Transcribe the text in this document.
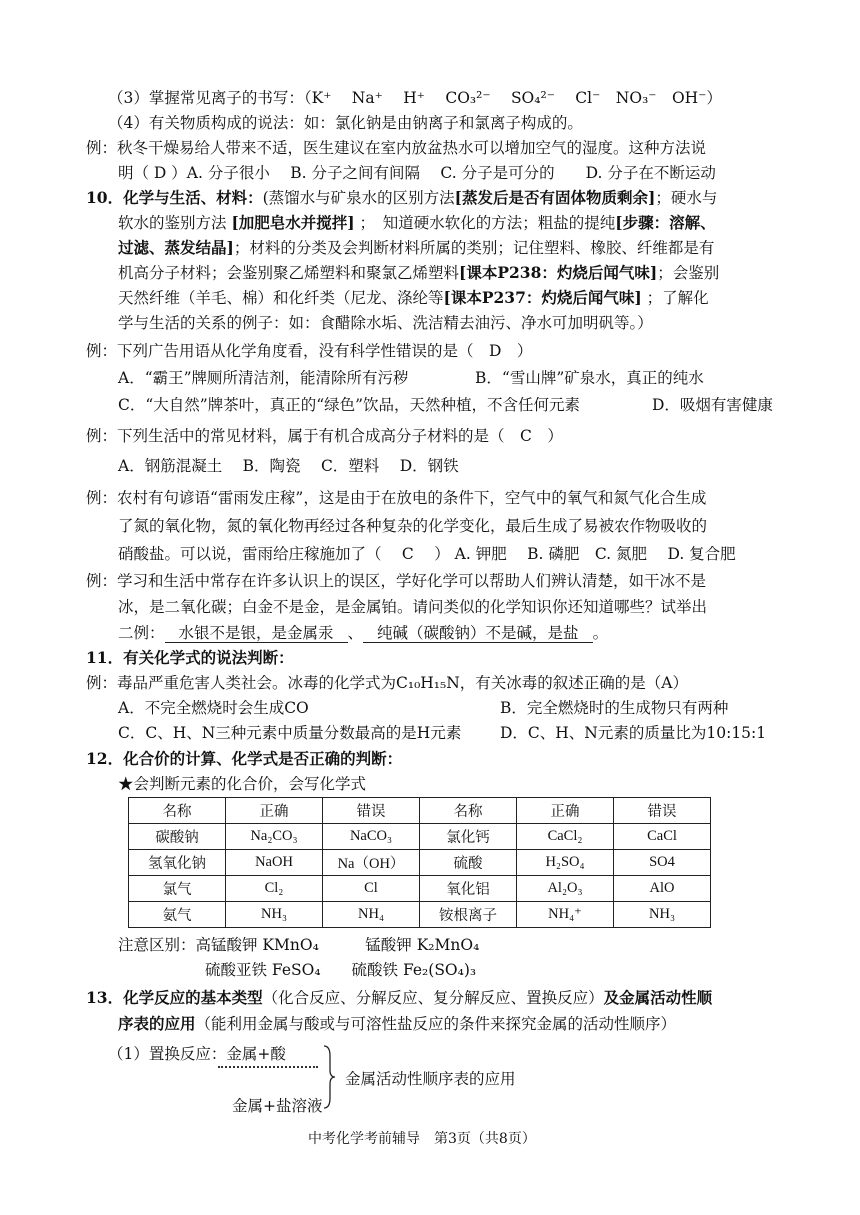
（3）掌握常见离子的书写：（K⁺　 Na⁺　 H⁺　 CO₃²⁻　 SO₄²⁻　 Cl⁻　NO₃⁻　OH⁻）
（4）有关物质构成的说法：如：氯化钠是由钠离子和氯离子构成的。
例：秋冬干燥易给人带来不适，医生建议在室内放盆热水可以增加空气的湿度。这种方法说
明（ D ）A. 分子很小　 B. 分子之间有间隔　 C. 分子是可分的　　D. 分子在不断运动
10．化学与生活、材料：(蒸馏水与矿泉水的区别方法[蒸发后是否有固体物质剩余]；硬水与
软水的鉴别方法 [加肥皂水并搅拌] ；　知道硬水软化的方法；粗盐的提纯[步骤：溶解、
过滤、蒸发结晶]；材料的分类及会判断材料所属的类别；记住塑料、橡胶、纤维都是有
机高分子材料；会鉴别聚乙烯塑料和聚氯乙烯塑料[课本P238：灼烧后闻气味]；会鉴别
天然纤维（羊毛、棉）和化纤类（尼龙、涤纶等[课本P237：灼烧后闻气味] ；了解化
学与生活的关系的例子：如：食醋除水垢、洗洁精去油污、净水可加明矾等。）
例：下列广告用语从化学角度看，没有科学性错误的是（　D　）
A．“霸王”牌厕所清洁剂，能清除所有污秽	B．“雪山牌”矿泉水，真正的纯水
C．“大自然”牌茶叶，真正的“绿色”饮品，天然种植，不含任何元素	D．吸烟有害健康
例：下列生活中的常见材料，属于有机合成高分子材料的是（　C　）
A．钢筋混凝土　 B．陶瓷　 C．塑料　 D．钢铁
例：农村有句谚语“雷雨发庄稼”，这是由于在放电的条件下，空气中的氧气和氮气化合生成
了氮的氧化物，氮的氧化物再经过各种复杂的化学变化，最后生成了易被农作物吸收的
硝酸盐。可以说，雷雨给庄稼施加了（　 C　 ） A. 钾肥　 B. 磷肥　C. 氮肥　 D. 复合肥
例：学习和生活中常存在许多认识上的误区，学好化学可以帮助人们辨认清楚，如干冰不是
冰，是二氧化碳；白金不是金，是金属铂。请问类似的化学知识你还知道哪些？试举出
二例： 水银不是银，是金属汞 、 纯碱（碳酸钠）不是碱，是盐 。
11．有关化学式的说法判断：
例：毒品严重危害人类社会。冰毒的化学式为C₁₀H₁₅N，有关冰毒的叙述正确的是（A）
A．不完全燃烧时会生成CO	B．完全燃烧时的生成物只有两种
C．C、H、N三种元素中质量分数最高的是H元素 D．C、H、N元素的质量比为10:15:1
12．化合价的计算、化学式是否正确的判断：
★会判断元素的化合价，会写化学式
名称	正确	错误	名称	正确	错误
碳酸钠	Na₂CO₃	NaCO₃	氯化钙	CaCl₂	CaCl
氢氧化钠	NaOH	Na（OH）	硫酸	H₂SO₄	SO4
氯气	Cl₂	Cl	氧化铝	Al₂O₃	AlO
氨气	NH₃	NH₄	铵根离子	NH₄⁺	NH₃
注意区别：高锰酸钾 KMnO₄　　　锰酸钾 K₂MnO₄
硫酸亚铁 FeSO₄　　硫酸铁 Fe₂(SO₄)₃
13．化学反应的基本类型（化合反应、分解反应、复分解反应、置换反应）及金属活动性顺
序表的应用（能利用金属与酸或与可溶性盐反应的条件来探究金属的活动性顺序）
（1）置换反应：金属+酸
金属活动性顺序表的应用
金属+盐溶液
中考化学考前辅导　第3页（共8页）
